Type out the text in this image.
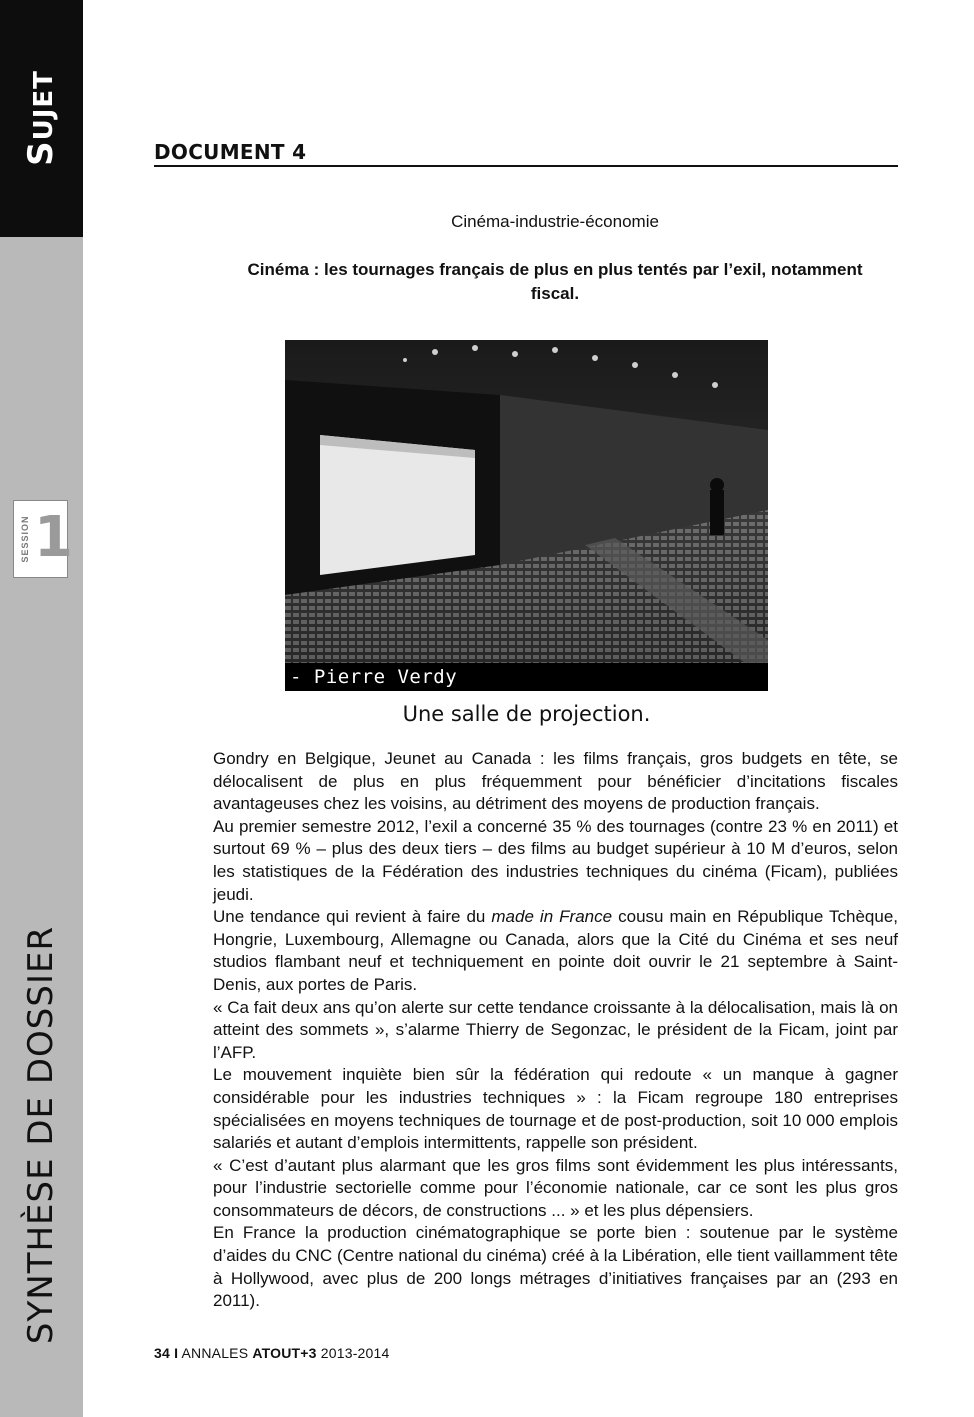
SUJET
SESSION 1
SYNTHÈSE DE DOSSIER
DOCUMENT 4
Cinéma-industrie-économie
Cinéma : les tournages français de plus en plus tentés par l’exil, notamment fiscal.
- Pierre Verdy
Une salle de projection.

Gondry en Belgique, Jeunet au Canada : les films français, gros budgets en tête, se délocalisent de plus en plus fréquemment pour bénéficier d’incitations fiscales avantageuses chez les voisins, au détriment des moyens de production français.

Au premier semestre 2012, l’exil a concerné 35 % des tournages (contre 23 % en 2011) et surtout 69 % – plus des deux tiers – des films au budget supérieur à 10 M d’euros, selon les statistiques de la Fédération des industries techniques du cinéma (Ficam), publiées jeudi.

Une tendance qui revient à faire du made in France cousu main en République Tchèque, Hongrie, Luxembourg, Allemagne ou Canada, alors que la Cité du Cinéma et ses neuf studios flambant neuf et techniquement en pointe doit ouvrir le 21 septembre à Saint-Denis, aux portes de Paris.

« Ca fait deux ans qu’on alerte sur cette tendance croissante à la délocalisation, mais là on atteint des sommets », s’alarme Thierry de Segonzac, le président de la Ficam, joint par l’AFP.

Le mouvement inquiète bien sûr la fédération qui redoute « un manque à gagner considérable pour les industries techniques » : la Ficam regroupe 180 entreprises spécialisées en moyens techniques de tournage et de post-production, soit 10 000 emplois salariés et autant d’emplois intermittents, rappelle son président.

« C’est d’autant plus alarmant que les gros films sont évidemment les plus intéressants, pour l’industrie sectorielle comme pour l’économie nationale, car ce sont les plus gros consommateurs de décors, de constructions ... » et les plus dépensiers.

En France la production cinématographique se porte bien : soutenue par le système d’aides du CNC (Centre national du cinéma) créé à la Libération, elle tient vaillamment tête à Hollywood, avec plus de 200 longs métrages d’initiatives françaises par an (293 en 2011).

34 I ANNALES ATOUT+3 2013-2014
